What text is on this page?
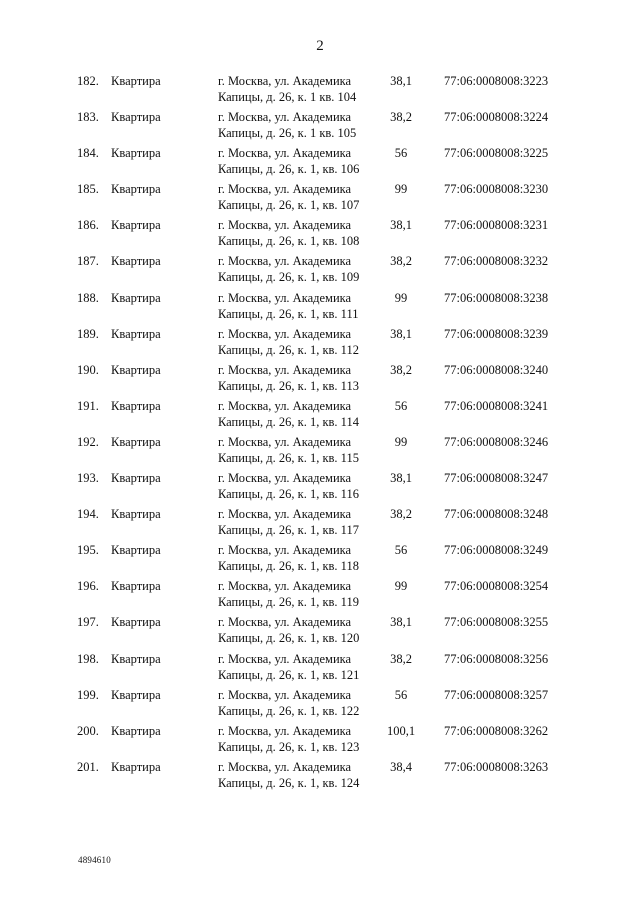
2
182. Квартира	г. Москва, ул. Академика
Капицы, д. 26, к. 1 кв. 104
38,1	77:06:0008008:3223
183. Квартира	г. Москва, ул. Академика
Капицы, д. 26, к. 1 кв. 105
38,2	77:06:0008008:3224
184. Квартира	г. Москва, ул. Академика
Капицы, д. 26, к. 1, кв. 106
56	77:06:0008008:3225
185. Квартира	г. Москва, ул. Академика
Капицы, д. 26, к. 1, кв. 107
99	77:06:0008008:3230
186. Квартира	г. Москва, ул. Академика
Капицы, д. 26, к. 1, кв. 108
38,1	77:06:0008008:3231
187. Квартира	г. Москва, ул. Академика
Капицы, д. 26, к. 1, кв. 109
38,2	77:06:0008008:3232
188. Квартира	г. Москва, ул. Академика
Капицы, д. 26, к. 1, кв. 111
99	77:06:0008008:3238
189. Квартира	г. Москва, ул. Академика
Капицы, д. 26, к. 1, кв. 112
38,1	77:06:0008008:3239
190. Квартира	г. Москва, ул. Академика
Капицы, д. 26, к. 1, кв. 113
38,2	77:06:0008008:3240
191. Квартира	г. Москва, ул. Академика
Капицы, д. 26, к. 1, кв. 114
56	77:06:0008008:3241
192. Квартира	г. Москва, ул. Академика
Капицы, д. 26, к. 1, кв. 115
99	77:06:0008008:3246
193. Квартира	г. Москва, ул. Академика
Капицы, д. 26, к. 1, кв. 116
38,1	77:06:0008008:3247
194. Квартира	г. Москва, ул. Академика
Капицы, д. 26, к. 1, кв. 117
38,2	77:06:0008008:3248
195. Квартира	г. Москва, ул. Академика
Капицы, д. 26, к. 1, кв. 118
56	77:06:0008008:3249
196. Квартира	г. Москва, ул. Академика
Капицы, д. 26, к. 1, кв. 119
99	77:06:0008008:3254
197. Квартира	г. Москва, ул. Академика
Капицы, д. 26, к. 1, кв. 120
38,1	77:06:0008008:3255
198. Квартира	г. Москва, ул. Академика
Капицы, д. 26, к. 1, кв. 121
38,2	77:06:0008008:3256
199. Квартира	г. Москва, ул. Академика
Капицы, д. 26, к. 1, кв. 122
56	77:06:0008008:3257
200. Квартира	г. Москва, ул. Академика
Капицы, д. 26, к. 1, кв. 123
100,1	77:06:0008008:3262
201. Квартира	г. Москва, ул. Академика
Капицы, д. 26, к. 1, кв. 124
38,4	77:06:0008008:3263
4894610
